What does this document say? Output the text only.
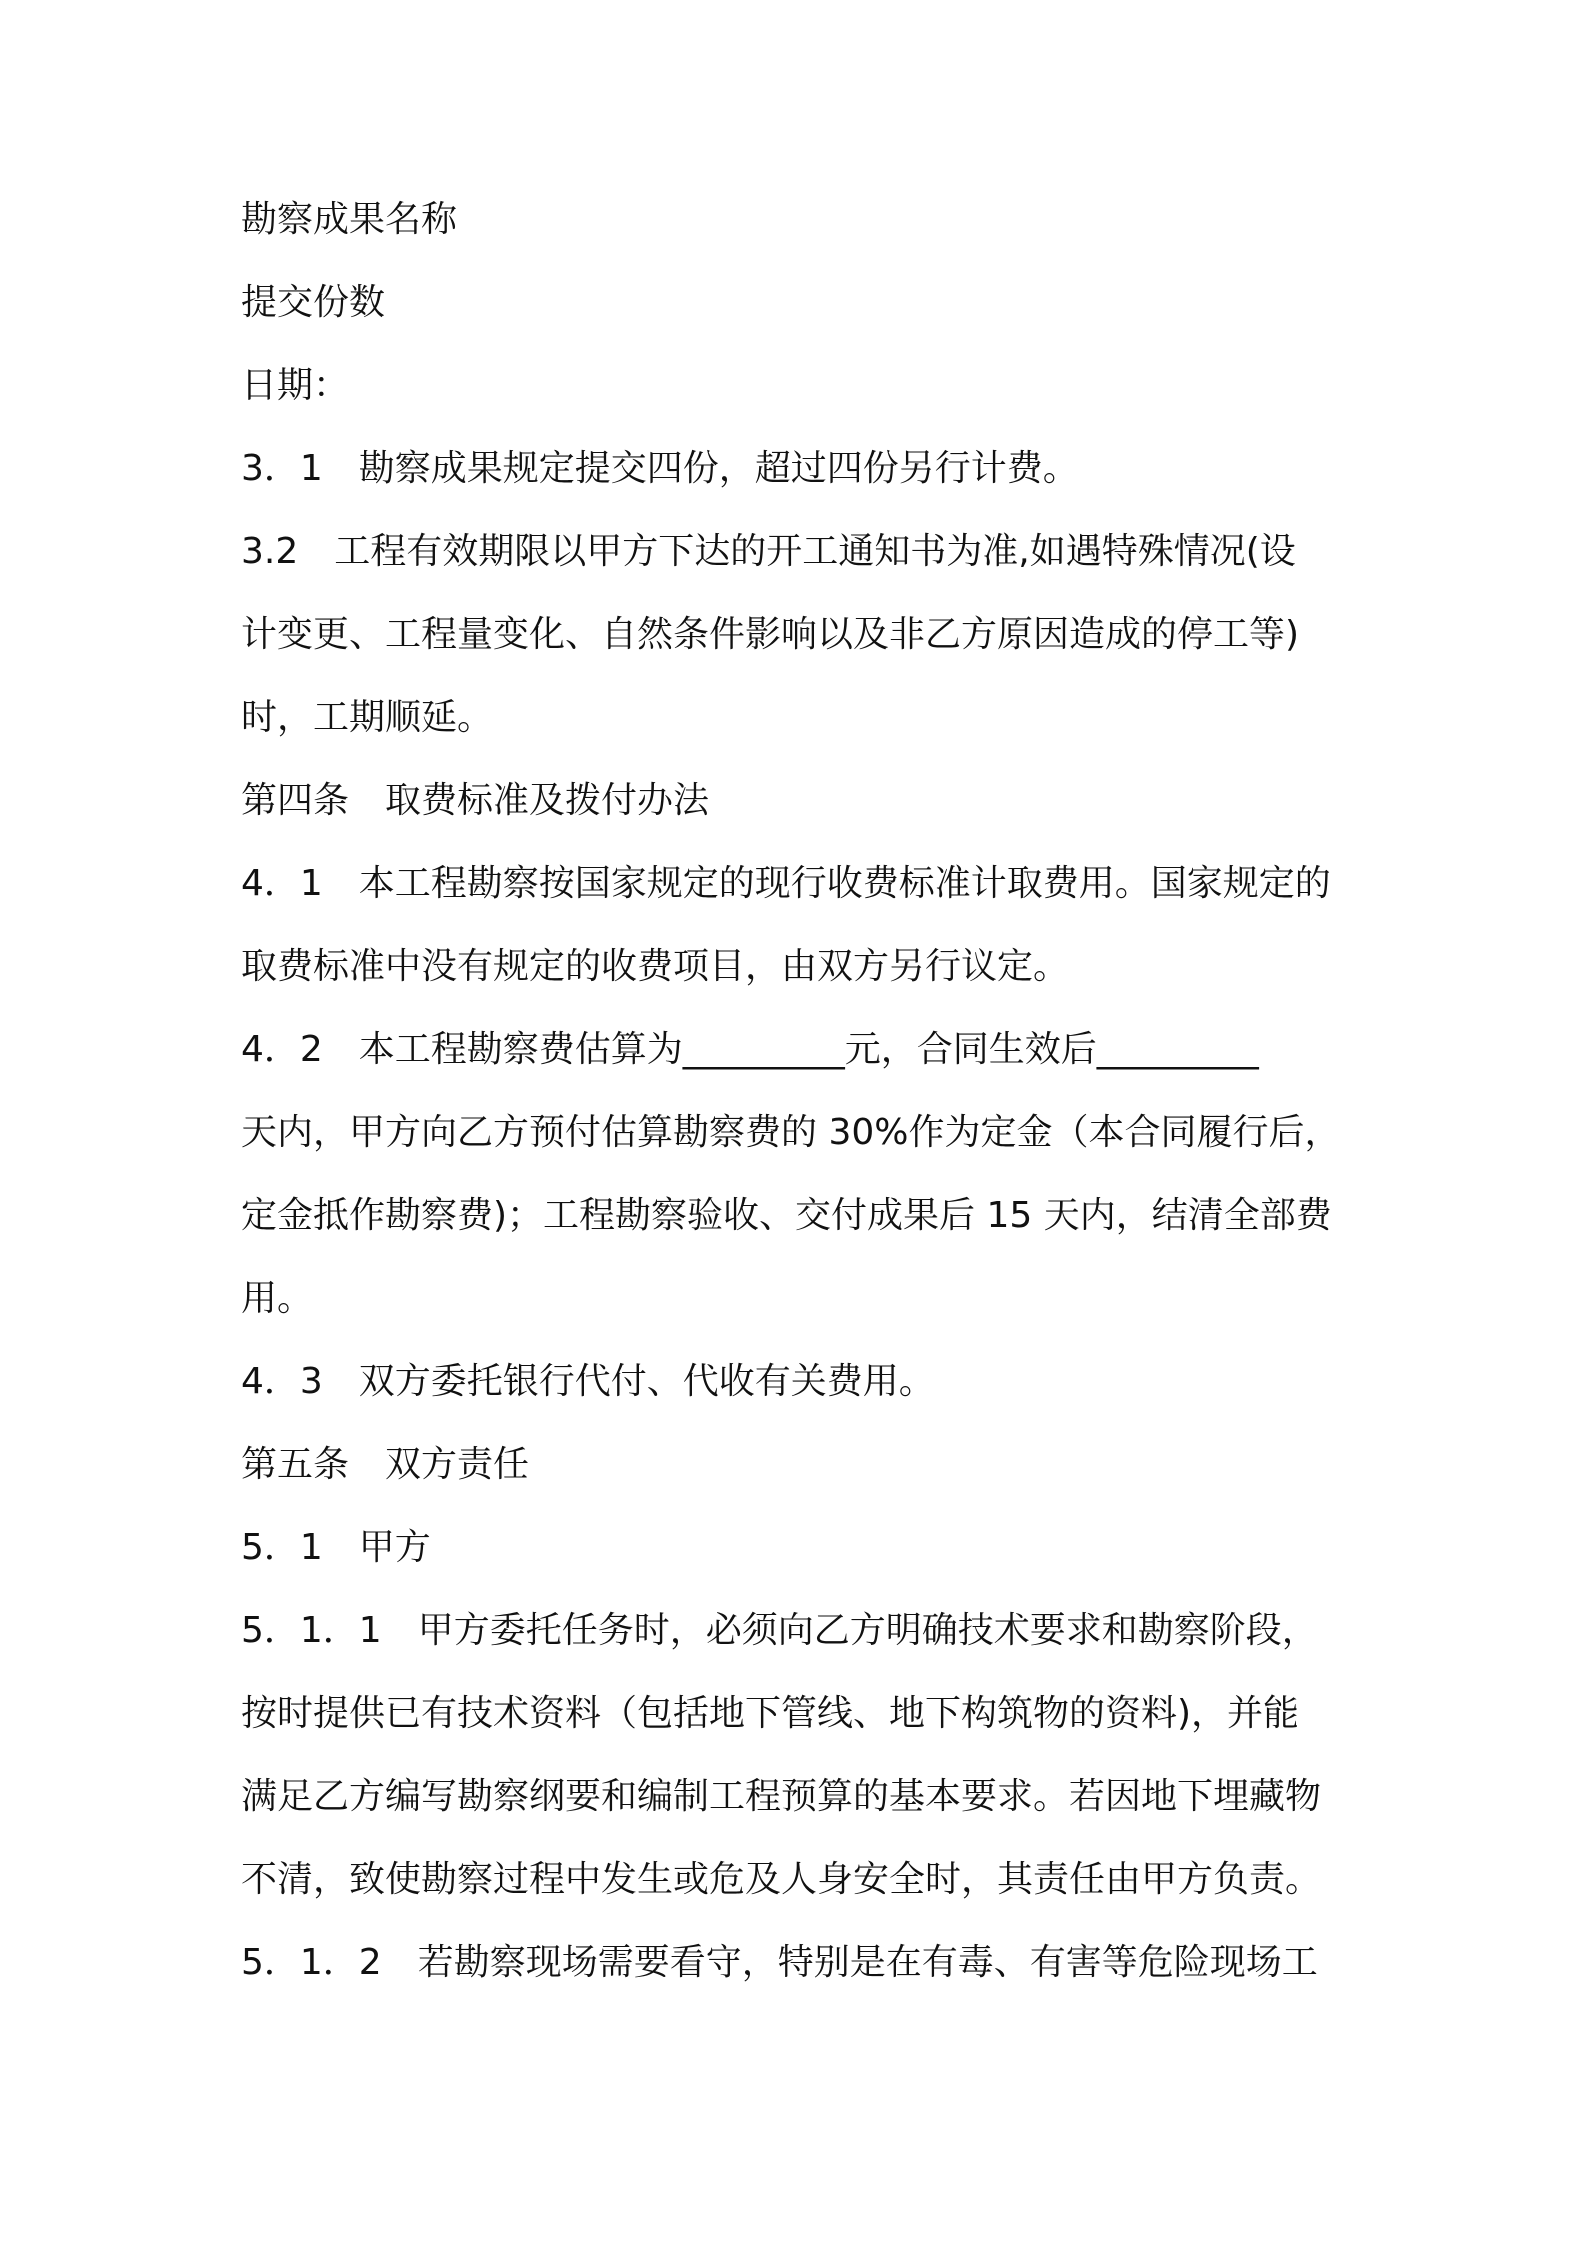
勘察成果名称
提交份数
日期：
3．1　勘察成果规定提交四份，超过四份另行计费。
3.2　工程有效期限以甲方下达的开工通知书为准,如遇特殊情况(设
计变更、工程量变化、自然条件影响以及非乙方原因造成的停工等)
时，工期顺延。
第四条　取费标准及拨付办法
4．1　本工程勘察按国家规定的现行收费标准计取费用。国家规定的
取费标准中没有规定的收费项目，由双方另行议定。
4．2　本工程勘察费估算为_________元，合同生效后_________
天内，甲方向乙方预付估算勘察费的 30%作为定金（本合同履行后，
定金抵作勘察费)；工程勘察验收、交付成果后 15 天内，结清全部费
用。
4．3　双方委托银行代付、代收有关费用。
第五条　双方责任
5．1　甲方
5．1．1　甲方委托任务时，必须向乙方明确技术要求和勘察阶段，
按时提供已有技术资料（包括地下管线、地下构筑物的资料)，并能
满足乙方编写勘察纲要和编制工程预算的基本要求。若因地下埋藏物
不清，致使勘察过程中发生或危及人身安全时，其责任由甲方负责。
5．1．2　若勘察现场需要看守，特别是在有毒、有害等危险现场工
